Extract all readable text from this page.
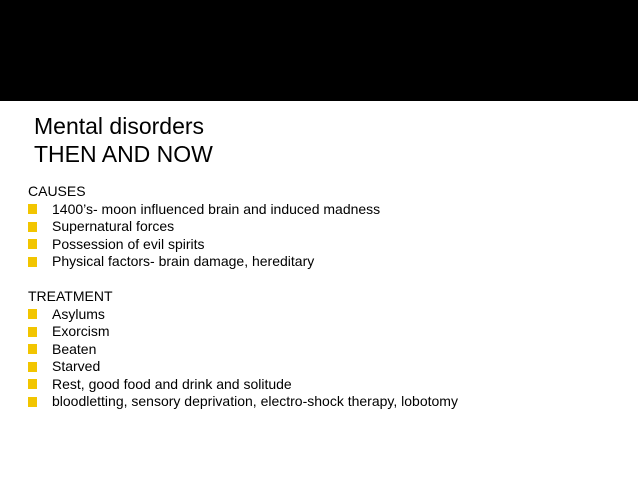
Mental disorders
THEN AND NOW
CAUSES
1400’s- moon influenced brain and induced madness
Supernatural forces
Possession of evil spirits
Physical factors- brain damage, hereditary
TREATMENT
Asylums
Exorcism
Beaten
Starved
Rest, good food and drink and solitude
bloodletting, sensory deprivation, electro-shock therapy, lobotomy
